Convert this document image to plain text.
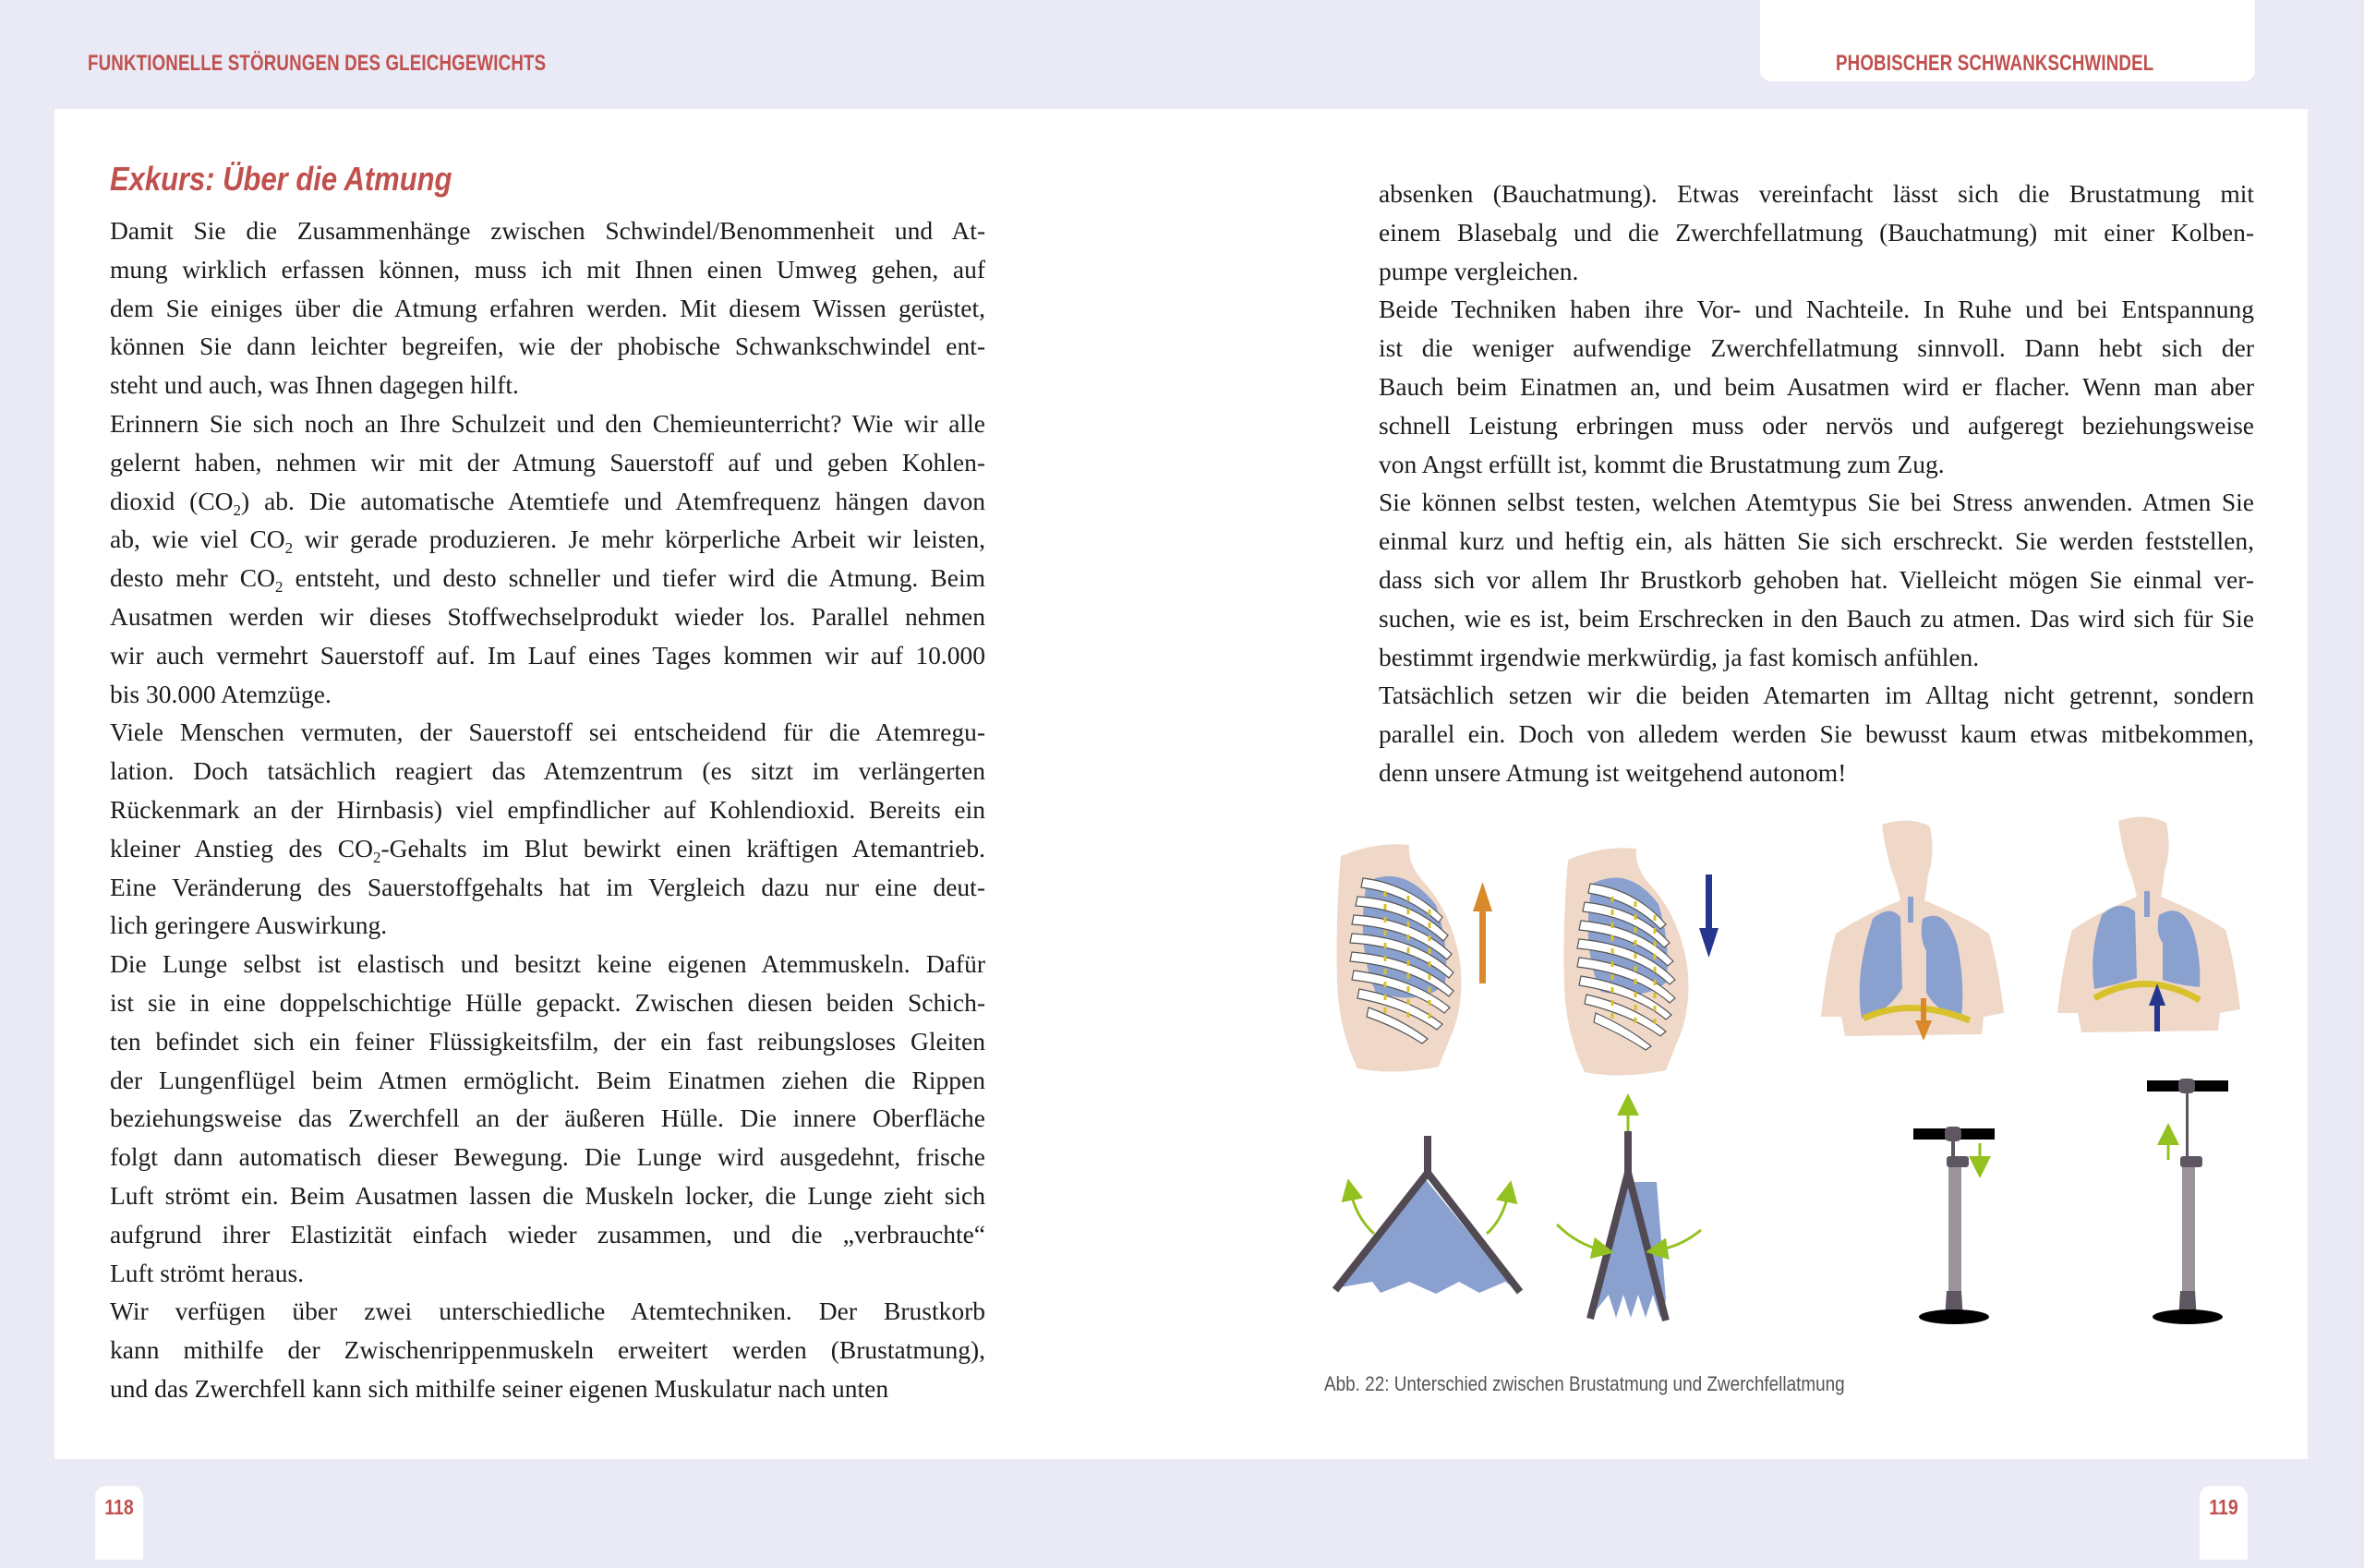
FUNKTIONELLE STÖRUNGEN DES GLEICHGEWICHTS	PHOBISCHER SCHWANKSCHWINDEL
Exkurs: Über die Atmung

Damit Sie die Zusammenhänge zwischen Schwindel/Benommenheit und At-
mung wirklich erfassen können, muss ich mit Ihnen einen Umweg gehen, auf
dem Sie einiges über die Atmung erfahren werden. Mit diesem Wissen gerüstet,
können Sie dann leichter begreifen, wie der phobische Schwankschwindel ent-
steht und auch, was Ihnen dagegen hilft.

Erinnern Sie sich noch an Ihre Schulzeit und den Chemieunterricht? Wie wir alle
gelernt haben, nehmen wir mit der Atmung Sauerstoff auf und geben Kohlen-
dioxid $(CO_2)$ ab. Die automatische Atemtiefe und Atemfrequenz hängen davon
ab, wie viel $CO_2$ wir gerade produzieren. Je mehr körperliche Arbeit wir leisten,
desto mehr $CO_2$ entsteht, und desto schneller und tiefer wird die Atmung. Beim
Ausatmen werden wir dieses Stoffwechselprodukt wieder los. Parallel nehmen
wir auch vermehrt Sauerstoff auf. Im Lauf eines Tages kommen wir auf 10.000
bis 30.000 Atemzüge.

Viele Menschen vermuten, der Sauerstoff sei entscheidend für die Atemregu-
lation. Doch tatsächlich reagiert das Atemzentrum (es sitzt im verlängerten
Rückenmark an der Hirnbasis) viel empfindlicher auf Kohlendioxid. Bereits ein
kleiner Anstieg des $CO_2$-Gehalts im Blut bewirkt einen kräftigen Atemantrieb.
Eine Veränderung des Sauerstoffgehalts hat im Vergleich dazu nur eine deut-
lich geringere Auswirkung.

Die Lunge selbst ist elastisch und besitzt keine eigenen Atemmuskeln. Dafür
ist sie in eine doppelschichtige Hülle gepackt. Zwischen diesen beiden Schich-
ten befindet sich ein feiner Flüssigkeitsfilm, der ein fast reibungsloses Gleiten
der Lungenflügel beim Atmen ermöglicht. Beim Einatmen ziehen die Rippen
beziehungsweise das Zwerchfell an der äußeren Hülle. Die innere Oberfläche
folgt dann automatisch dieser Bewegung. Die Lunge wird ausgedehnt, frische
Luft strömt ein. Beim Ausatmen lassen die Muskeln locker, die Lunge zieht sich
aufgrund ihrer Elastizität einfach wieder zusammen, und die „verbrauchte“
Luft strömt heraus.

Wir verfügen über zwei unterschiedliche Atemtechniken. Der Brustkorb
kann mithilfe der Zwischenrippenmuskeln erweitert werden (Brustatmung),
und das Zwerchfell kann sich mithilfe seiner eigenen Muskulatur nach unten

absenken (Bauchatmung). Etwas vereinfacht lässt sich die Brustatmung mit
einem Blasebalg und die Zwerchfellatmung (Bauchatmung) mit einer Kolben-
pumpe vergleichen.

Beide Techniken haben ihre Vor- und Nachteile. In Ruhe und bei Entspannung
ist die weniger aufwendige Zwerchfellatmung sinnvoll. Dann hebt sich der
Bauch beim Einatmen an, und beim Ausatmen wird er flacher. Wenn man aber
schnell Leistung erbringen muss oder nervös und aufgeregt beziehungsweise
von Angst erfüllt ist, kommt die Brustatmung zum Zug.

Sie können selbst testen, welchen Atemtypus Sie bei Stress anwenden. Atmen Sie
einmal kurz und heftig ein, als hätten Sie sich erschreckt. Sie werden feststellen,
dass sich vor allem Ihr Brustkorb gehoben hat. Vielleicht mögen Sie einmal ver-
suchen, wie es ist, beim Erschrecken in den Bauch zu atmen. Das wird sich für Sie
bestimmt irgendwie merkwürdig, ja fast komisch anfühlen.

Tatsächlich setzen wir die beiden Atemarten im Alltag nicht getrennt, sondern
parallel ein. Doch von alledem werden Sie bewusst kaum etwas mitbekommen,
denn unsere Atmung ist weitgehend autonom!

Abb. 22: Unterschied zwischen Brustatmung und Zwerchfellatmung
118	119
